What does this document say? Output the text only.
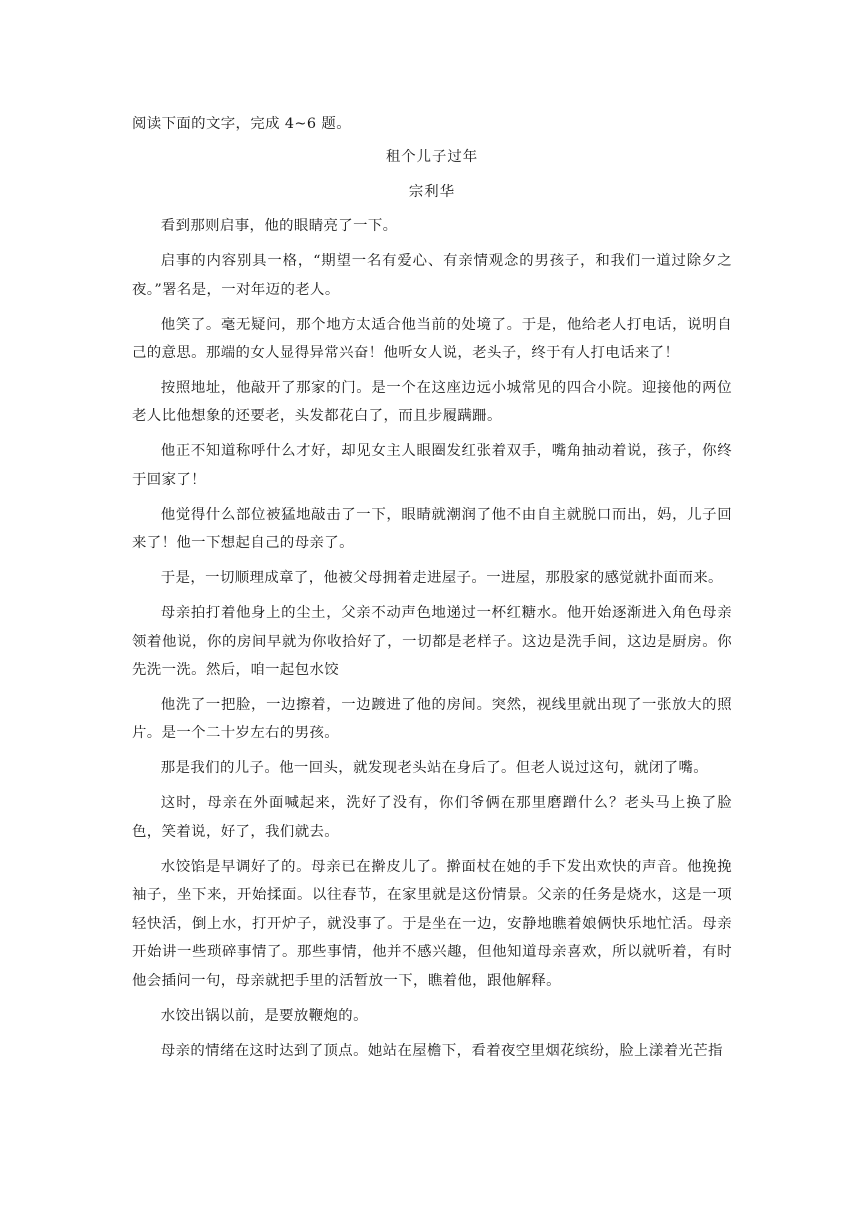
阅读下面的文字，完成 4~6 题。

租个儿子过年

宗利华

看到那则启事，他的眼睛亮了一下。

启事的内容别具一格，“期望一名有爱心、有亲情观念的男孩子，和我们一道过除夕之夜。”署名是，一对年迈的老人。

他笑了。毫无疑问，那个地方太适合他当前的处境了。于是，他给老人打电话，说明自己的意思。那端的女人显得异常兴奋！他听女人说，老头子，终于有人打电话来了！

按照地址，他敲开了那家的门。是一个在这座边远小城常见的四合小院。迎接他的两位老人比他想象的还要老，头发都花白了，而且步履蹒跚。

他正不知道称呼什么才好，却见女主人眼圈发红张着双手，嘴角抽动着说，孩子，你终于回家了！

他觉得什么部位被猛地敲击了一下，眼睛就潮润了他不由自主就脱口而出，妈，儿子回来了！他一下想起自己的母亲了。

于是，一切顺理成章了，他被父母拥着走进屋子。一进屋，那股家的感觉就扑面而来。

母亲拍打着他身上的尘土，父亲不动声色地递过一杯红糖水。他开始逐渐进入角色母亲领着他说，你的房间早就为你收拾好了，一切都是老样子。这边是洗手间，这边是厨房。你先洗一洗。然后，咱一起包水饺

他洗了一把脸，一边擦着，一边踱进了他的房间。突然，视线里就出现了一张放大的照片。是一个二十岁左右的男孩。

那是我们的儿子。他一回头，就发现老头站在身后了。但老人说过这句，就闭了嘴。

这时，母亲在外面喊起来，洗好了没有，你们爷俩在那里磨蹭什么？老头马上换了脸色，笑着说，好了，我们就去。

水饺馅是早调好了的。母亲已在擀皮儿了。擀面杖在她的手下发出欢快的声音。他挽挽袖子，坐下来，开始揉面。以往春节，在家里就是这份情景。父亲的任务是烧水，这是一项轻快活，倒上水，打开炉子，就没事了。于是坐在一边，安静地瞧着娘俩快乐地忙活。母亲开始讲一些琐碎事情了。那些事情，他并不感兴趣，但他知道母亲喜欢，所以就听着，有时他会插问一句，母亲就把手里的活暂放一下，瞧着他，跟他解释。

水饺出锅以前，是要放鞭炮的。

母亲的情绪在这时达到了顶点。她站在屋檐下，看着夜空里烟花缤纷，脸上漾着光芒指
